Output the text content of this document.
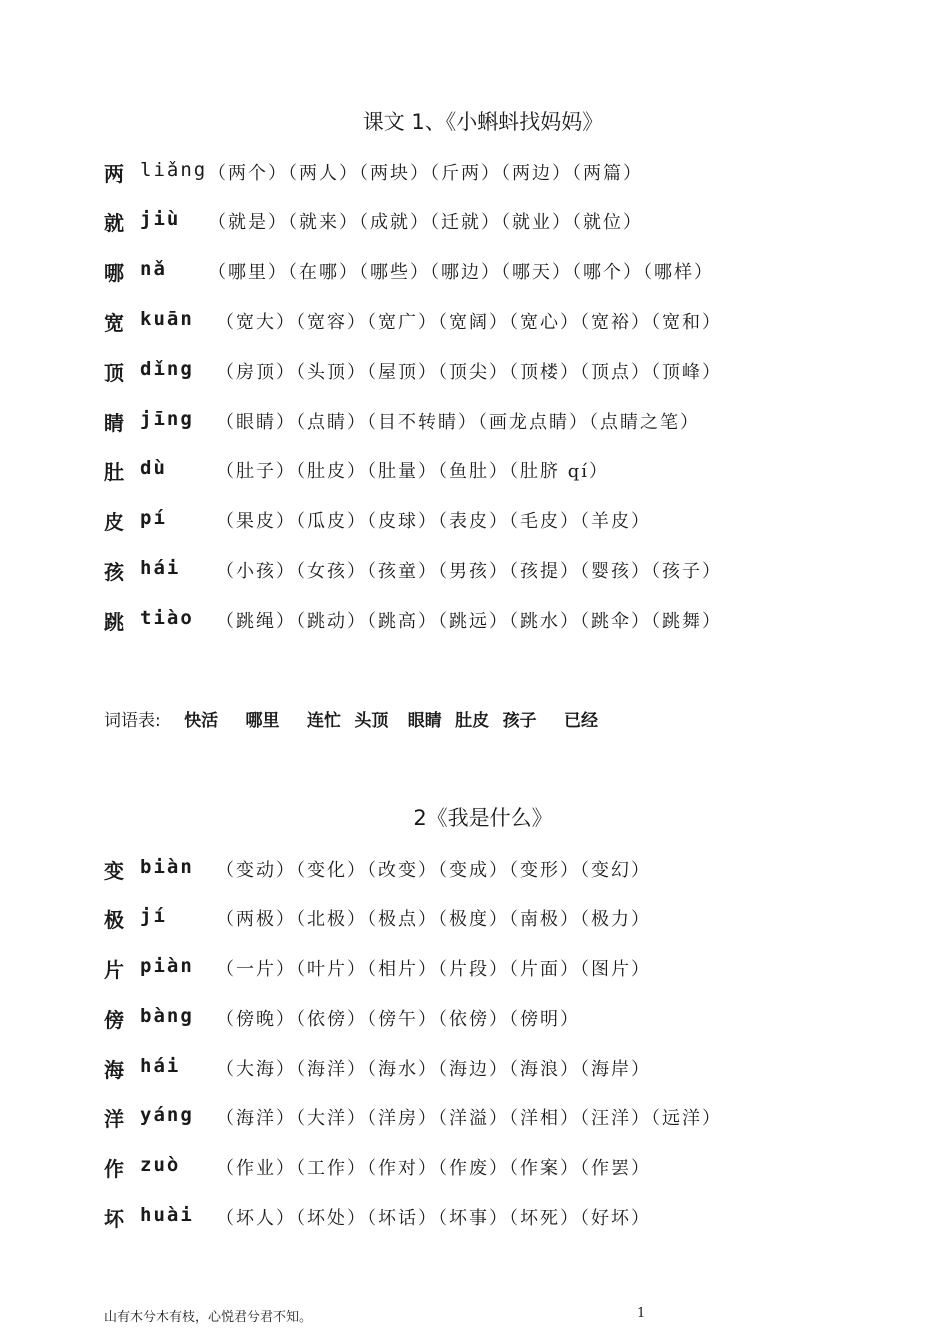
课文 1、《小蝌蚪找妈妈》
两 liǎng （两个）（两人）（两块）（斤两）（两边）（两篇）
就 jiù （就是）（就来）（成就）（迁就）（就业）（就位）
哪 nǎ （哪里）（在哪）（哪些）（哪边）（哪天）（哪个）（哪样）
宽 kuān （宽大）（宽容）（宽广）（宽阔）（宽心）（宽裕）（宽和）
顶 dǐng （房顶）（头顶）（屋顶）（顶尖）（顶楼）（顶点）（顶峰）
睛 jīng （眼睛）（点睛）（目不转睛）（画龙点睛）（点睛之笔）
肚 dù	（肚子）（肚皮）（肚量）（鱼肚）（肚脐 qí）
皮 pí	（果皮）（瓜皮）（皮球）（表皮）（毛皮）（羊皮）
孩 hái （小孩）（女孩）（孩童）（男孩）（孩提）（婴孩）（孩子）
跳 tiào （跳绳）（跳动）（跳高）（跳远）（跳水）（跳伞）（跳舞）
词语表: 快活 哪里 连忙 头顶 眼睛 肚皮 孩子 已经
2《我是什么》
变 biàn （变动）（变化）（改变）（变成）（变形）（变幻）
极 jí	（两极）（北极）（极点）（极度）（南极）（极力）
片 piàn （一片）（叶片）（相片）（片段）（片面）（图片）
傍 bàng （傍晚）（依傍）（傍午）（依傍）（傍明）
海 hái （大海）（海洋）（海水）（海边）（海浪）（海岸）
洋 yáng （海洋）（大洋）（洋房）（洋溢）（洋相）（汪洋）（远洋）
作 zuò （作业）（工作）（作对）（作废）（作案）（作罢）
坏 huài （坏人）（坏处）（坏话）（坏事）（坏死）（好坏）
山有木兮木有枝，心悦君兮君不知。	1
